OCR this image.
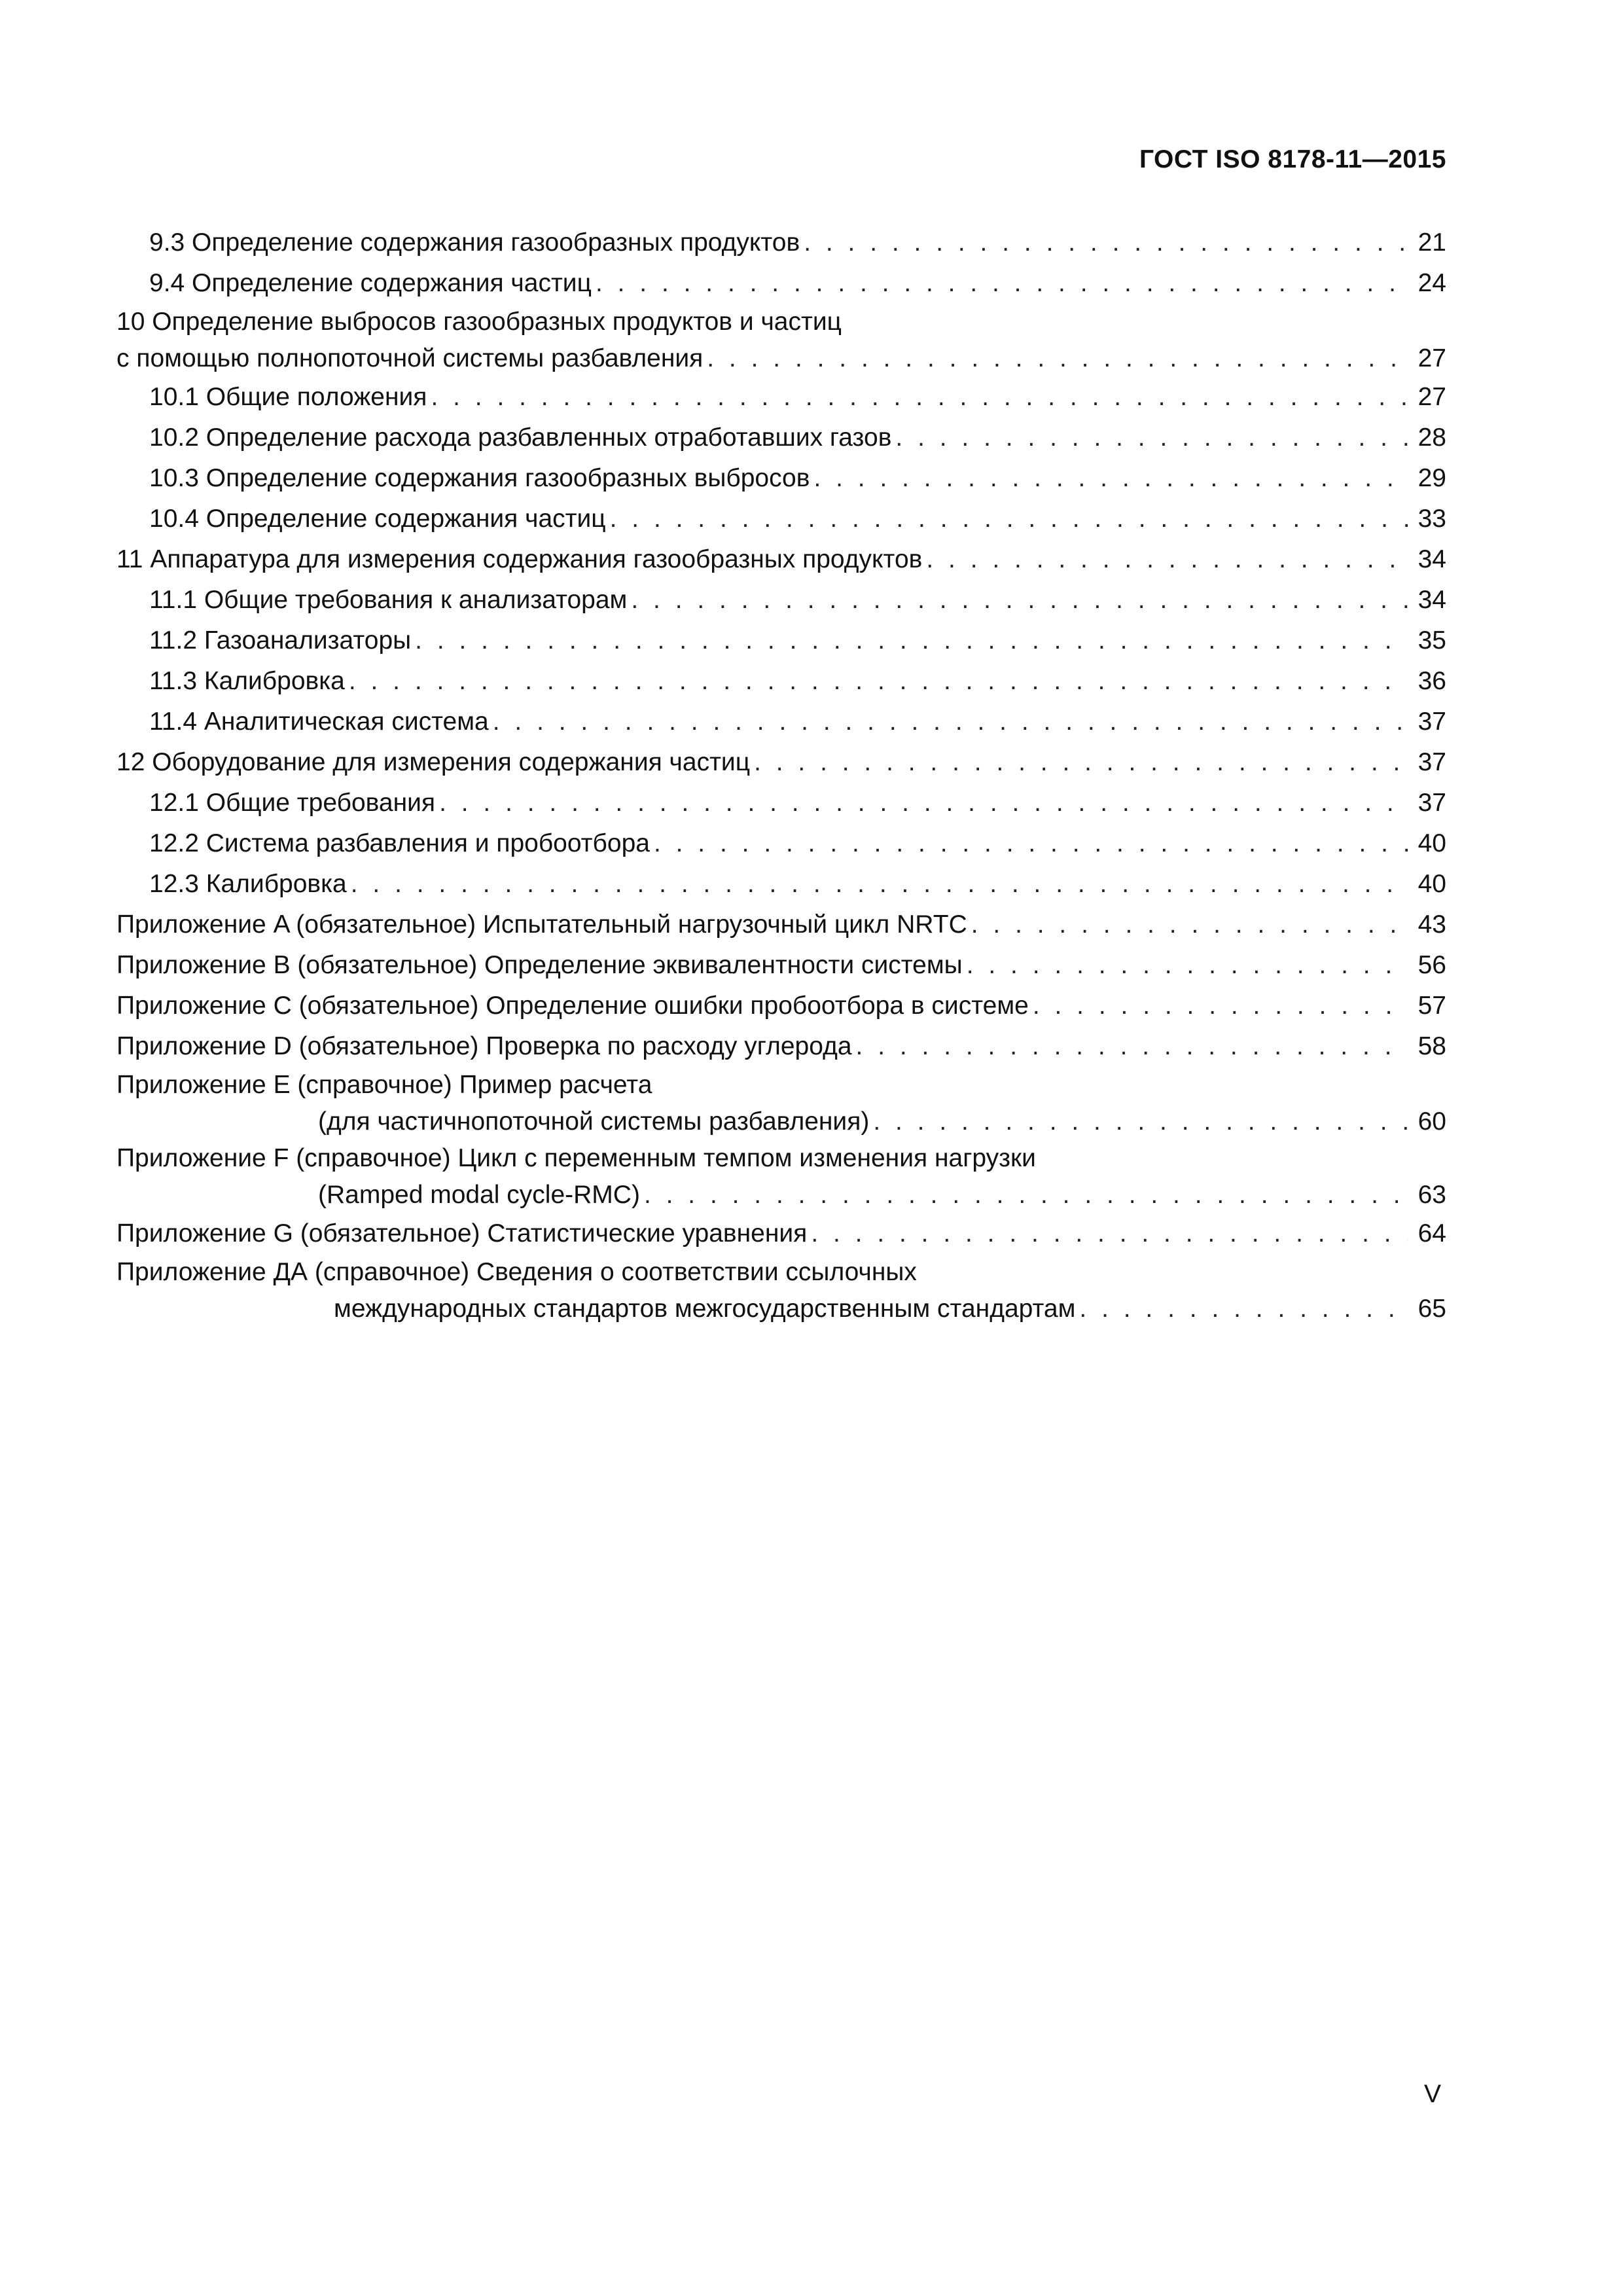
ГОСТ ISO 8178-11—2015
9.3 Определение содержания газообразных продуктов . . .	21
9.4 Определение содержания частиц . . .	24
10 Определение выбросов газообразных продуктов и частиц
с помощью полнопоточной системы разбавления . . .	27
10.1 Общие положения . . .	27
10.2 Определение расхода разбавленных отработавших газов . . .	28
10.3 Определение содержания газообразных выбросов . . .	29
10.4 Определение содержания частиц . . .	33
11 Аппаратура для измерения содержания газообразных продуктов . . .	34
11.1 Общие требования к анализаторам . . .	34
11.2 Газоанализаторы . . .	35
11.3 Калибровка . . .	36
11.4 Аналитическая система . . .	37
12 Оборудование для измерения содержания частиц . . .	37
12.1 Общие требования . . .	37
12.2 Система разбавления и пробоотбора . . .	40
12.3 Калибровка . . .	40
Приложение A (обязательное) Испытательный нагрузочный цикл NRTC . . .	43
Приложение B (обязательное) Определение эквивалентности системы . . .	56
Приложение C (обязательное) Определение ошибки пробоотбора в системе . . .	57
Приложение D (обязательное) Проверка по расходу углерода . . .	58
Приложение E (справочное) Пример расчета
(для частичнопоточной системы разбавления) . . .	60
Приложение F (справочное) Цикл с переменным темпом изменения нагрузки
(Ramped modal cycle-RMC) . . .	63
Приложение G (обязательное) Статистические уравнения . . .	64
Приложение ДА (справочное) Сведения о соответствии ссылочных
международных стандартов межгосударственным стандартам . . .	65
V
